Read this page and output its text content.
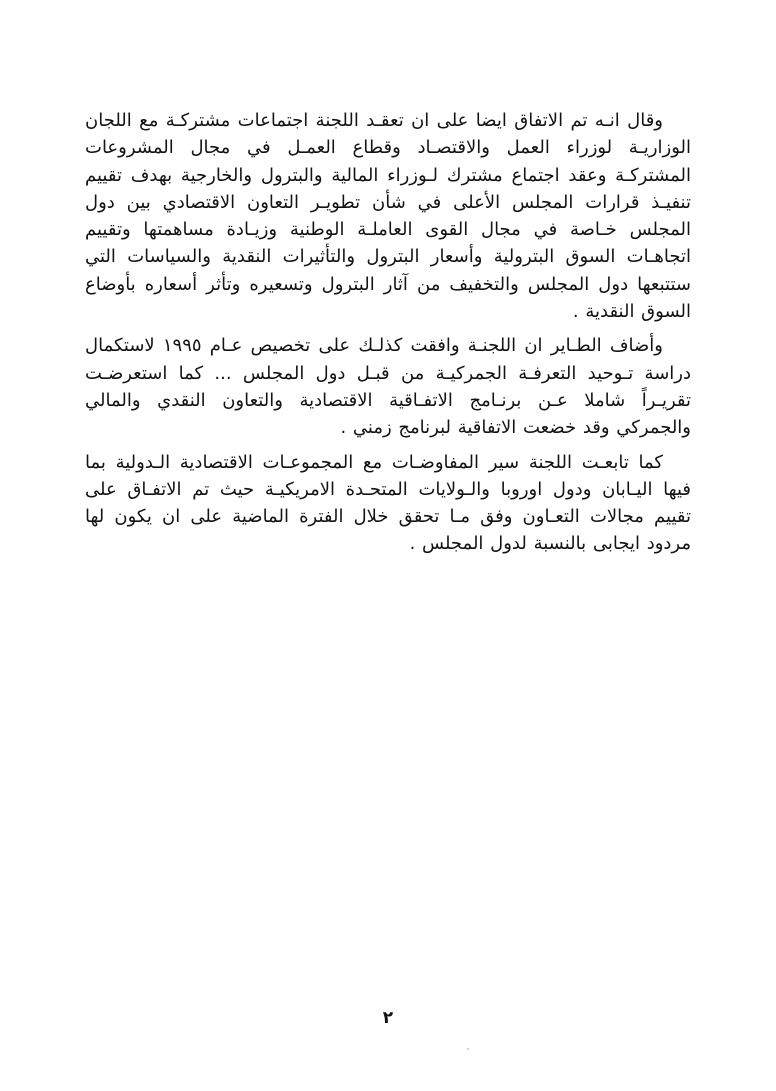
وقال انـه تم الاتفاق ايضا على ان تعقـد اللجنة اجتماعات مشتركـة مع اللجان الوزاريـة لوزراء العمل والاقتصـاد وقطاع العمـل في مجال المشروعات المشتركـة وعقد اجتماع مشترك لـوزراء المالية والبترول والخارجية بهدف تقييم تنفيـذ قرارات المجلس الأعلى في شأن تطويـر التعاون الاقتصادي بين دول المجلس خـاصة في مجال القوى العاملـة الوطنية وزيـادة مساهمتها وتقييم اتجاهـات السوق البترولية وأسعار البترول والتأثيرات النقدية والسياسات التي ستتبعها دول المجلس والتخفيف من آثار البترول وتسعيره وتأثر أسعاره بأوضاع السوق النقدية .

وأضاف الطـاير ان اللجنـة وافقت كذلـك على تخصيص عـام ١٩٩٥ لاستكمال دراسة تـوحيد التعرفـة الجمركيـة من قبـل دول المجلس ... كما استعرضـت تقريـراً شاملا عـن برنـامج الاتفـاقية الاقتصادية والتعاون النقدي والمالي والجمركي وقد خضعت الاتفاقية لبرنامج زمني .

كما تابعـت اللجنة سير المفاوضـات مع المجموعـات الاقتصادية الـدولية بما فيها اليـابان ودول اوروبا والـولايات المتحـدة الامريكيـة حيث تم الاتفـاق على تقييم مجالات التعـاون وفق مـا تحقق خلال الفترة الماضية على ان يكون لها مردود ايجابى بالنسبة لدول المجلس .

٢
